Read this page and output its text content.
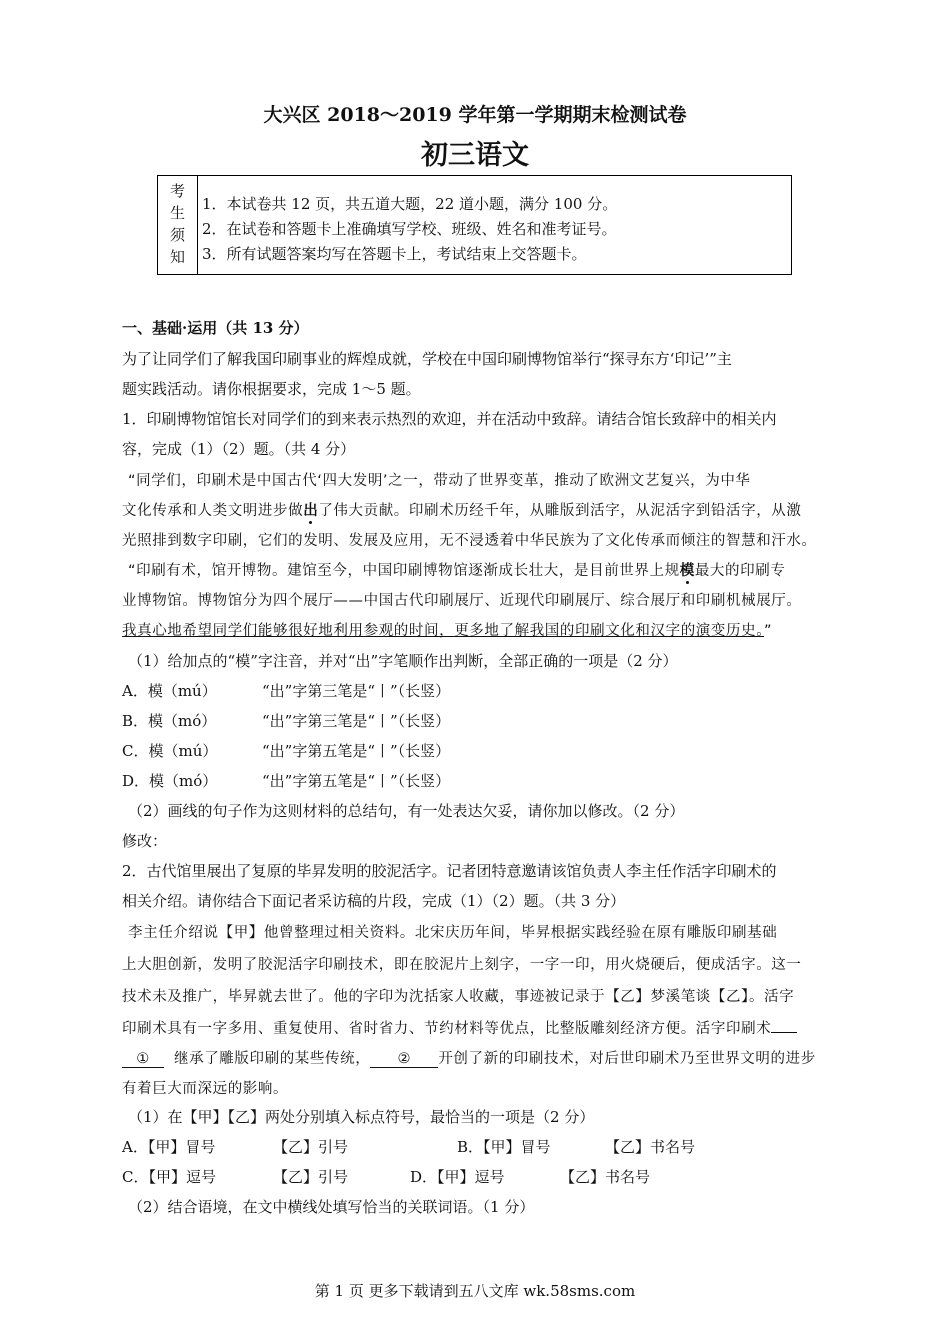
大兴区 2018～2019 学年第一学期期末检测试卷
初三语文
考
生
须
知
1．本试卷共 12 页，共五道大题，22 道小题，满分 100 分。
2．在试卷和答题卡上准确填写学校、班级、姓名和准考证号。
3．所有试题答案均写在答题卡上，考试结束上交答题卡。
一、基础·运用（共 13 分）
为了让同学们了解我国印刷事业的辉煌成就，学校在中国印刷博物馆举行“探寻东方‘印记’”主
题实践活动。请你根据要求，完成 1～5 题。
1．印刷博物馆馆长对同学们的到来表示热烈的欢迎，并在活动中致辞。请结合馆长致辞中的相关内
容，完成（1）（2）题。（共 4 分）
“同学们，印刷术是中国古代‘四大发明’之一，带动了世界变革，推动了欧洲文艺复兴，为中华
文化传承和人类文明进步做出了伟大贡献。印刷术历经千年，从雕版到活字，从泥活字到铅活字，从激
光照排到数字印刷，它们的发明、发展及应用，无不浸透着中华民族为了文化传承而倾注的智慧和汗水。
“印刷有术，馆开博物。建馆至今，中国印刷博物馆逐渐成长壮大，是目前世界上规模最大的印刷专
业博物馆。博物馆分为四个展厅——中国古代印刷展厅、近现代印刷展厅、综合展厅和印刷机械展厅。
我真心地希望同学们能够很好地利用参观的时间，更多地了解我国的印刷文化和汉字的演变历史。”
（1）给加点的“模”字注音，并对“出”字笔顺作出判断，全部正确的一项是（2 分）
A．模（mú）	“出”字第三笔是“丨”（长竖）
B．模（mó）	“出”字第三笔是“丨”（长竖）
C．模（mú）	“出”字第五笔是“丨”（长竖）
D．模（mó）	“出”字第五笔是“丨”（长竖）
（2）画线的句子作为这则材料的总结句，有一处表达欠妥，请你加以修改。（2 分）
修改：
2．古代馆里展出了复原的毕昇发明的胶泥活字。记者团特意邀请该馆负责人李主任作活字印刷术的
相关介绍。请你结合下面记者采访稿的片段，完成（1）（2）题。（共 3 分）
李主任介绍说【甲】他曾整理过相关资料。北宋庆历年间，毕昇根据实践经验在原有雕版印刷基础
上大胆创新，发明了胶泥活字印刷技术，即在胶泥片上刻字，一字一印，用火烧硬后，便成活字。这一
技术未及推广，毕昇就去世了。他的字印为沈括家人收藏，事迹被记录于【乙】梦溪笔谈【乙】。活字
印刷术具有一字多用、重复使用、省时省力、节约材料等优点，比整版雕刻经济方便。活字印刷术
① 继承了雕版印刷的某些传统， ② 开创了新的印刷技术，对后世印刷术乃至世界文明的进步
有着巨大而深远的影响。
（1）在【甲】【乙】两处分别填入标点符号，最恰当的一项是（2 分）
A．【甲】冒号	【乙】引号	B．【甲】冒号	【乙】书名号
C．【甲】逗号	【乙】引号	D．【甲】逗号	【乙】书名号
（2）结合语境，在文中横线处填写恰当的关联词语。（1 分）
第 1 页 更多下载请到五八文库 wk.58sms.com
